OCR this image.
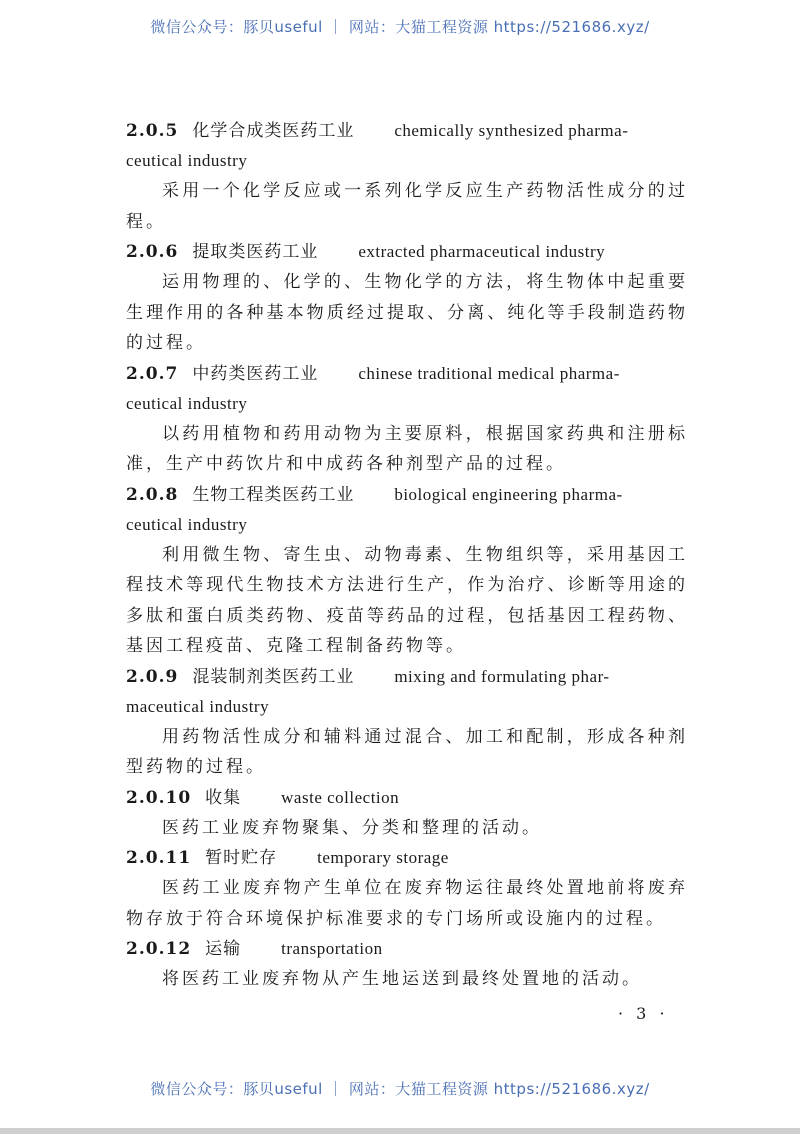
微信公众号：豚贝useful ｜ 网站：大猫工程资源 https://521686.xyz/
2.0.5 化学合成类医药工业 chemically synthesized pharma-
ceutical industry

采用一个化学反应或一系列化学反应生产药物活性成分的过程。

2.0.6 提取类医药工业 extracted pharmaceutical industry

运用物理的、化学的、生物化学的方法，将生物体中起重要生理作用的各种基本物质经过提取、分离、纯化等手段制造药物的过程。

2.0.7 中药类医药工业 chinese traditional medical pharma-
ceutical industry

以药用植物和药用动物为主要原料，根据国家药典和注册标准，生产中药饮片和中成药各种剂型产品的过程。

2.0.8 生物工程类医药工业 biological engineering pharma-
ceutical industry

利用微生物、寄生虫、动物毒素、生物组织等，采用基因工程技术等现代生物技术方法进行生产，作为治疗、诊断等用途的多肽和蛋白质类药物、疫苗等药品的过程，包括基因工程药物、基因工程疫苗、克隆工程制备药物等。

2.0.9 混装制剂类医药工业 mixing and formulating phar-
maceutical industry

用药物活性成分和辅料通过混合、加工和配制，形成各种剂型药物的过程。

2.0.10 收集 waste collection

医药工业废弃物聚集、分类和整理的活动。

2.0.11 暂时贮存 temporary storage

医药工业废弃物产生单位在废弃物运往最终处置地前将废弃物存放于符合环境保护标准要求的专门场所或设施内的过程。

2.0.12 运输 transportation

将医药工业废弃物从产生地运送到最终处置地的活动。

· 3 ·
微信公众号：豚贝useful ｜ 网站：大猫工程资源 https://521686.xyz/
